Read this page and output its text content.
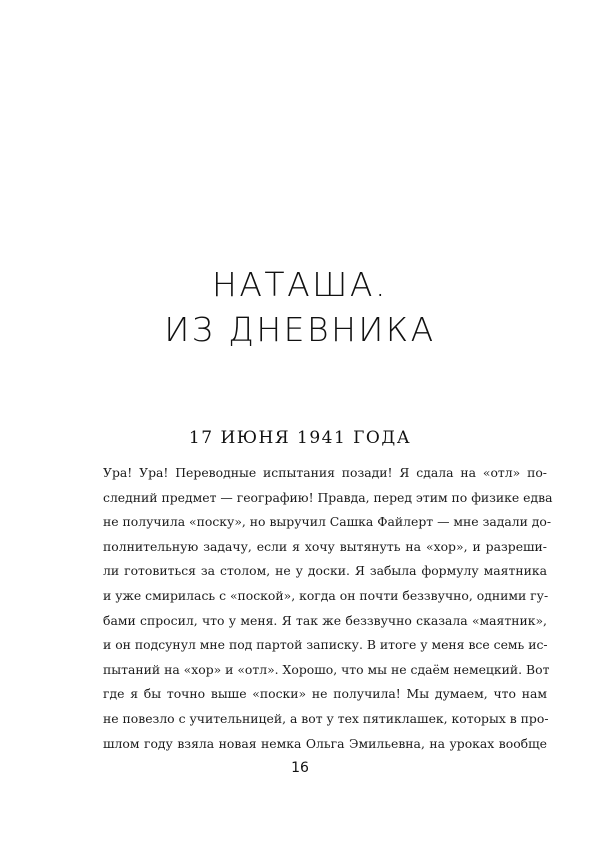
НАТАША.
ИЗ ДНЕВНИКА
17 ИЮНЯ 1941 ГОДА
Ура! Ура! Переводные испытания позади! Я сдала на «отл» по-
следний предмет — географию! Правда, перед этим по физике едва
не получила «поску», но выручил Сашка Файлерт — мне задали до-
полнительную задачу, если я хочу вытянуть на «хор», и разреши-
ли готовиться за столом, не у доски. Я забыла формулу маятника
и уже смирилась с «поской», когда он почти беззвучно, одними гу-
бами спросил, что у меня. Я так же беззвучно сказала «маятник»,
и он подсунул мне под партой записку. В итоге у меня все семь ис-
пытаний на «хор» и «отл». Хорошо, что мы не сдаём немецкий. Вот
где я бы точно выше «поски» не получила! Мы думаем, что нам
не повезло с учительницей, а вот у тех пятиклашек, которых в про-
шлом году взяла новая немка Ольга Эмильевна, на уроках вообще
16
